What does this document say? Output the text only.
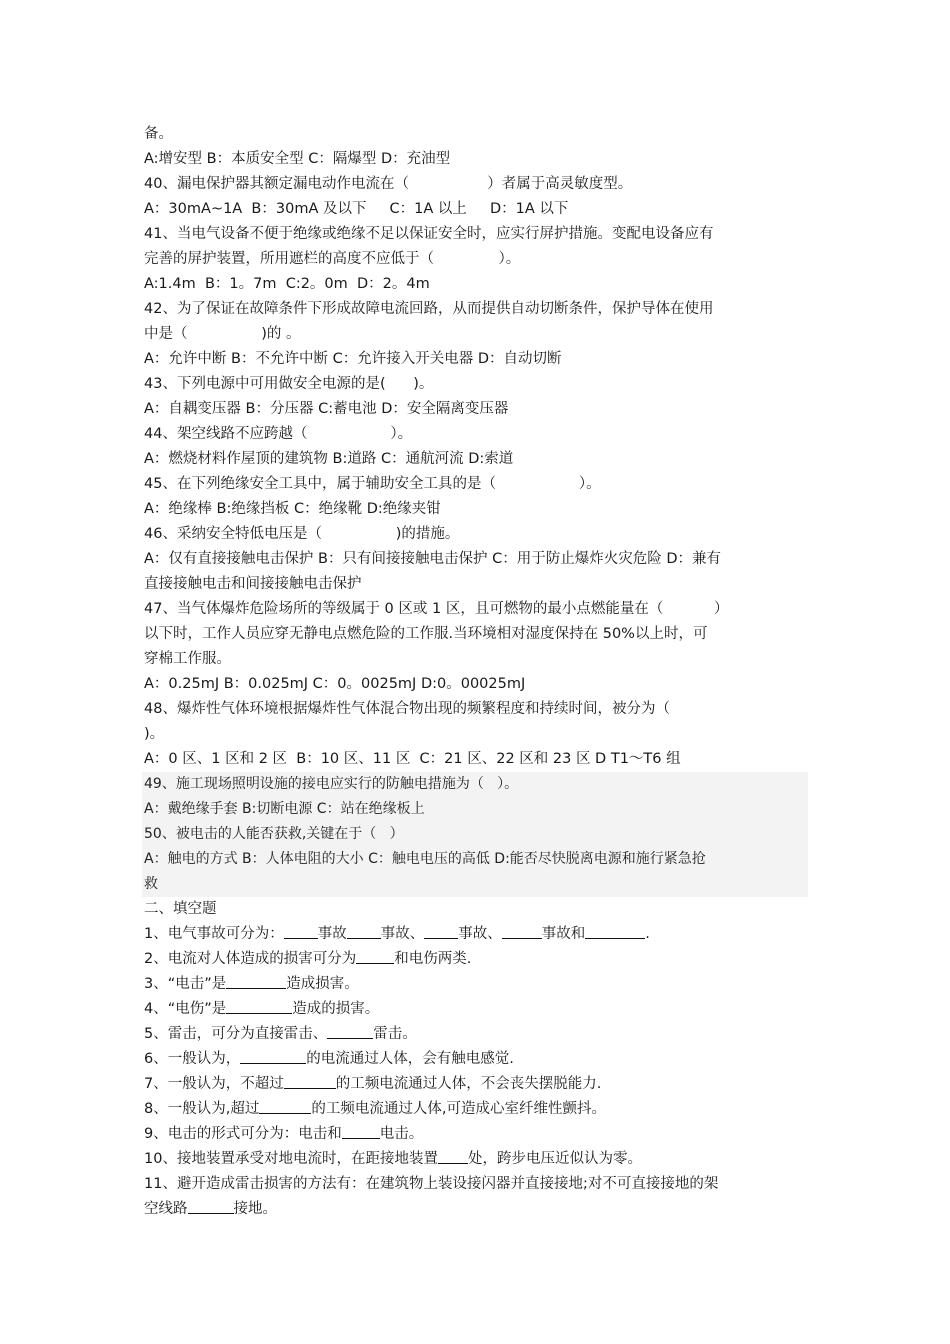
备。

A:增安型 B：本质安全型 C：隔爆型 D：充油型

40、漏电保护器其额定漏电动作电流在（                 ）者属于高灵敏度型。

A：30mA~1A  B：30mA 及以下     C：1A 以上     D：1A 以下

41、当电气设备不便于绝缘或绝缘不足以保证安全时，应实行屏护措施。变配电设备应有

完善的屏护装置，所用遮栏的高度不应低于（              ）。

A:1.4m  B：1。7m  C:2。0m  D：2。4m

42、为了保证在故障条件下形成故障电流回路，从而提供自动切断条件，保护导体在使用

中是（                )的 。

A：允许中断 B：不允许中断 C：允许接入开关电器 D：自动切断

43、下列电源中可用做安全电源的是(      )。

A：自耦变压器 B：分压器 C:蓄电池 D：安全隔离变压器

44、架空线路不应跨越（                  ）。

A：燃烧材料作屋顶的建筑物 B:道路 C：通航河流 D:索道

45、在下列绝缘安全工具中，属于辅助安全工具的是（                  ）。

A：绝缘棒 B:绝缘挡板 C：绝缘靴 D:绝缘夹钳

46、采纳安全特低电压是（                )的措施。

A：仅有直接接触电击保护 B：只有间接接触电击保护 C：用于防止爆炸火灾危险 D：兼有

直接接触电击和间接接触电击保护

47、当气体爆炸危险场所的等级属于 0 区或 1 区，且可燃物的最小点燃能量在（           ）

以下时，工作人员应穿无静电点燃危险的工作服.当环境相对湿度保持在 50%以上时，可

穿棉工作服。

A：0.25mJ B：0.025mJ C：0。0025mJ D:0。00025mJ

48、爆炸性气体环境根据爆炸性气体混合物出现的频繁程度和持续时间，被分为（

)。

A：0 区、1 区和 2 区  B：10 区、11 区  C：21 区、22 区和 23 区 D T1～T6 组

49、施工现场照明设施的接电应实行的防触电措施为（   ）。

A：戴绝缘手套 B:切断电源 C：站在绝缘板上

50、被电击的人能否获救,关键在于（   ）

A：触电的方式 B：人体电阻的大小 C：触电电压的高低 D:能否尽快脱离电源和施行紧急抢

救

二、填空题

1、电气事故可分为： 事故 事故、 事故、	事故和	.

2、电流对人体造成的损害可分为	和电伤两类.

3、“电击”是	造成损害。

4、“电伤”是	造成的损害。

5、雷击，可分为直接雷击、	雷击。

6、一般认为，	的电流通过人体，会有触电感觉.

7、一般认为，不超过	的工频电流通过人体，不会丧失摆脱能力.

8、一般认为,超过	的工频电流通过人体,可造成心室纤维性颤抖。

9、电击的形式可分为：电击和	电击。

10、接地装置承受对地电流时，在距接地装置 处，跨步电压近似认为零。

11、避开造成雷击损害的方法有：在建筑物上装设接闪器并直接接地;对不可直接接地的架

空线路	接地。
